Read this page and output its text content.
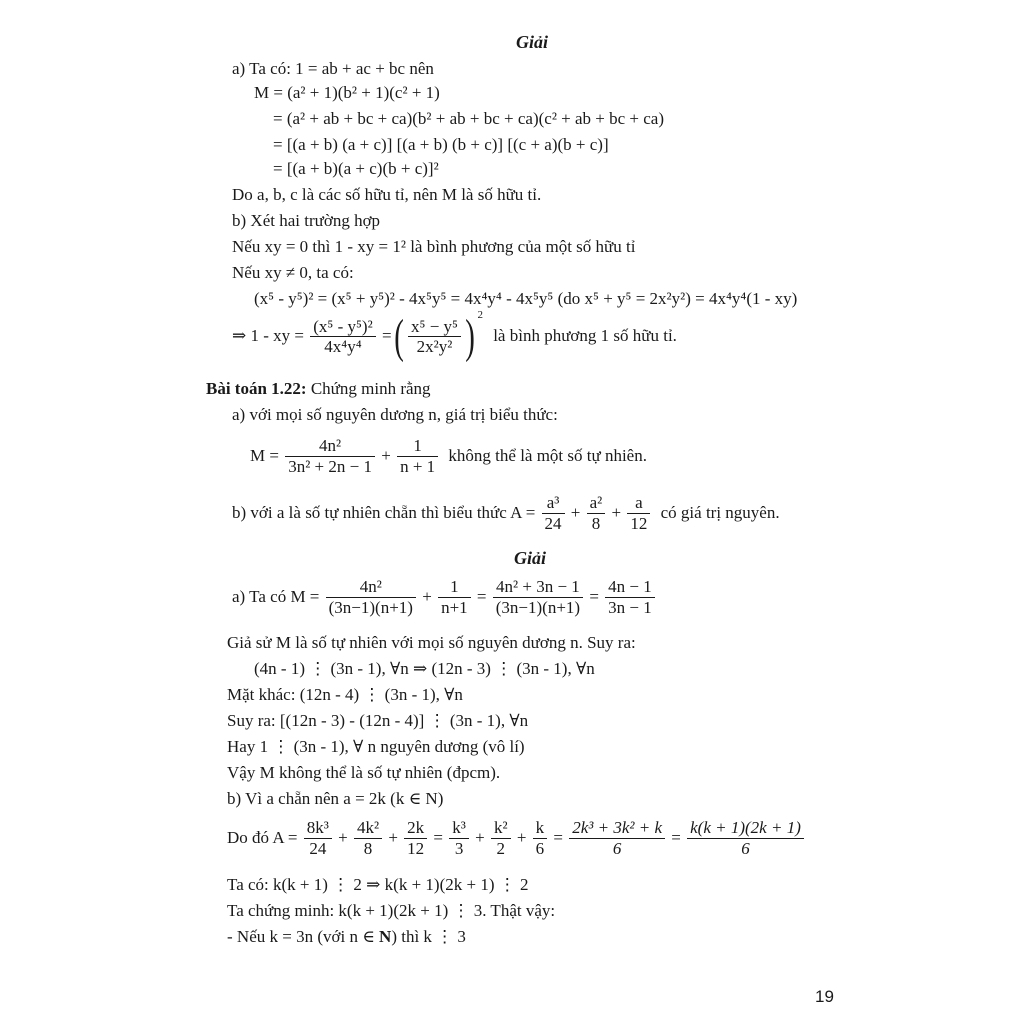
Giải
a) Ta có: 1 = ab + ac + bc nên
M = (a² + 1)(b² + 1)(c² + 1)
= (a² + ab + bc + ca)(b² + ab + bc + ca)(c² + ab + bc + ca)
= [(a + b) (a + c)] [(a + b) (b + c)] [(c + a)(b + c)]
= [(a + b)(a + c)(b + c)]²
Do a, b, c là các số hữu tỉ, nên M là số hữu tỉ.
b) Xét hai trường hợp
Nếu xy = 0 thì 1 - xy = 1² là bình phương của một số hữu tỉ
Nếu xy ≠ 0, ta có:
(x⁵ - y⁵)² = (x⁵ + y⁵)² - 4x⁵y⁵ = 4x⁴y⁴ - 4x⁵y⁵ (do x⁵ + y⁵ = 2x²y²) = 4x⁴y⁴(1 - xy)
⇒ 1 - xy = $\frac{\text{(x⁵ - y⁵)²}}{\text{4x⁴y⁴}}$ = ( $\frac{\text{x⁵ − y⁵}}{\text{2x²y²}}$ ) 2 là bình phương 1 số hữu tỉ.
Bài toán 1.22: Chứng minh rằng
a) với mọi số nguyên dương n, giá trị biểu thức:
$M = \frac{\text{4n²}}{\text{3n² + 2n − 1}} + \frac{1}{n + 1}$ không thể là một số tự nhiên.
b) với a là số tự nhiên chẵn thì biểu thức $A = \frac{\text{a³}}{24} + \frac{\text{a²}}{8} + \frac{a}{12}$ có giá trị nguyên.
Giải
a) Ta có $M = \frac{\text{4n²}}{(3n-1)(n+1)} + \frac{1}{n+1} = \frac{\text{4n² + 3n − 1}}{(3n-1)(n+1)} = \frac{4n - 1}{3n - 1}$
Giả sử M là số tự nhiên với mọi số nguyên dương n. Suy ra:
(4n - 1) ⋮ (3n - 1), ∀n ⇒ (12n - 3) ⋮ (3n - 1), ∀n
Mặt khác: (12n - 4) ⋮ (3n - 1), ∀n
Suy ra: [(12n - 3) - (12n - 4)] ⋮ (3n - 1), ∀n
Hay 1 ⋮ (3n - 1), ∀ n nguyên dương (vô lí)
Vậy M không thể là số tự nhiên (đpcm).
b) Vì a chẵn nên a = 2k (k ∈ N)
Do đó $A = \frac{\text{8k³}}{24} + \frac{\text{4k²}}{8} + \frac{2k}{12} = \frac{\text{k³}}{3} + \frac{\text{k²}}{2} + \frac{k}{6} = \frac{\text{2k³ + 3k² + k}}{6} = \frac{k(k + 1)(2k + 1)}{6}$
Ta có: k(k + 1) ⋮ 2 ⇒ k(k + 1)(2k + 1) ⋮ 2
Ta chứng minh: k(k + 1)(2k + 1) ⋮ 3. Thật vậy:
- Nếu k = 3n (với n ∈ N) thì k ⋮ 3
19
